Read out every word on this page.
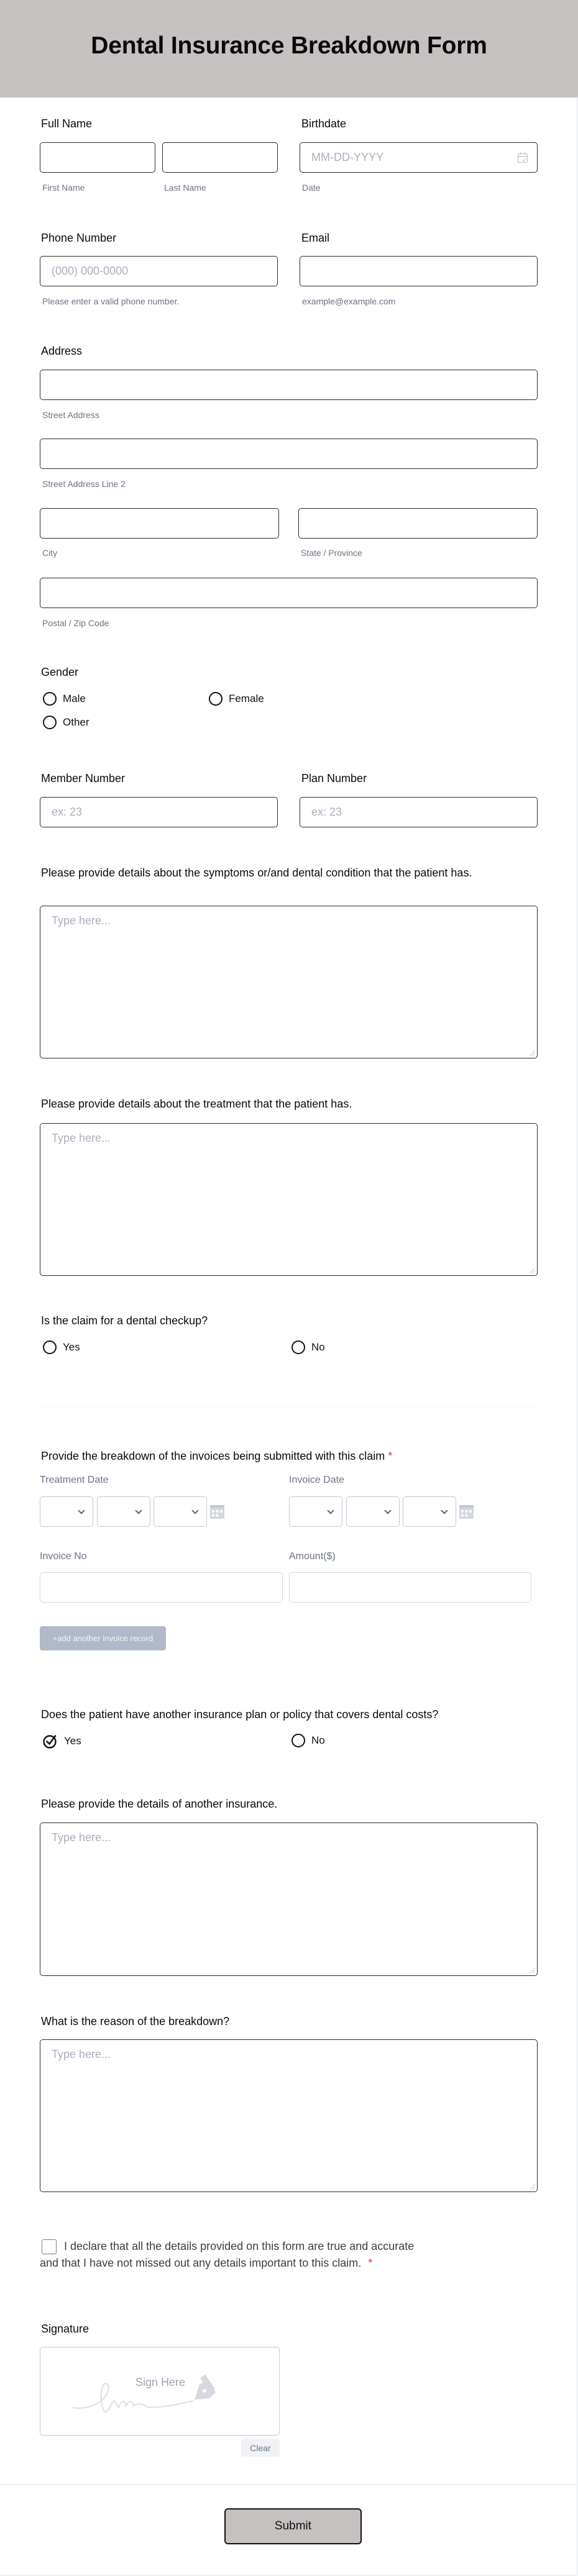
Dental Insurance Breakdown Form
Full Name
First Name	Last Name
Birthdate
MM-DD-YYYY
Date
Phone Number
(000) 000-0000
Please enter a valid phone number.
Email
example@example.com
Address
Street Address
Street Address Line 2
City	State / Province
Postal / Zip Code
Gender
Male	Female
Other
Member Number
ex: 23
Plan Number
ex: 23
Please provide details about the symptoms or/and dental condition that the patient has.
Type here...
Please provide details about the treatment that the patient has.
Type here...
Is the claim for a dental checkup?
Yes	No
Provide the breakdown of the invoices being submitted with this claim *
Treatment Date	Invoice Date
Invoice No	Amount($)
+add another invoice record
Does the patient have another insurance plan or policy that covers dental costs?
Yes	No
Please provide the details of another insurance.
Type here...
What is the reason of the breakdown?
Type here...
I declare that all the details provided on this form are true and accurate
and that I have not missed out any details important to this claim. *
Signature
Sign Here
Clear
Submit
